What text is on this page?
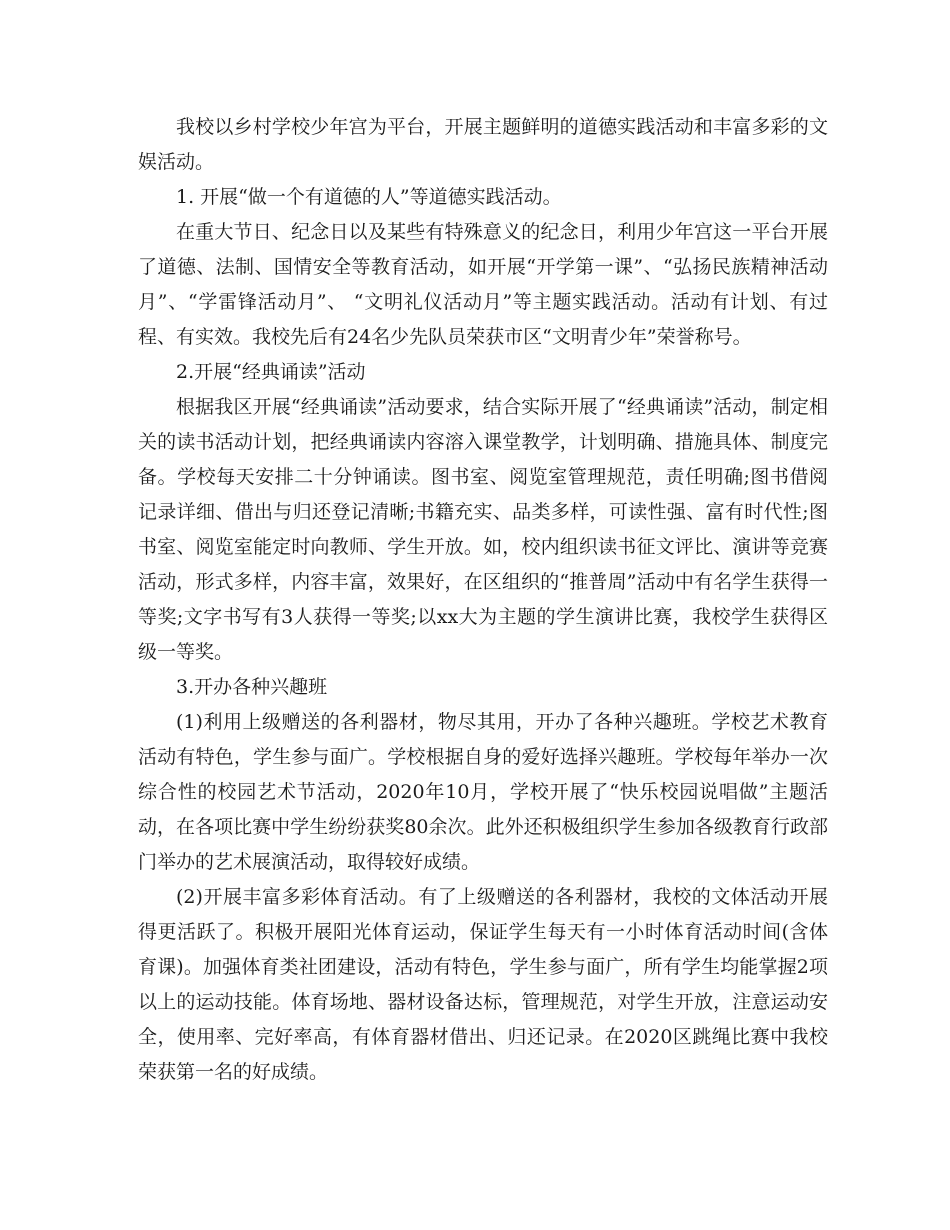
我校以乡村学校少年宫为平台，开展主题鲜明的道德实践活动和丰富多彩的文娱活动。

1. 开展“做一个有道德的人”等道德实践活动。

在重大节日、纪念日以及某些有特殊意义的纪念日，利用少年宫这一平台开展了道德、法制、国情安全等教育活动，如开展“开学第一课”、“弘扬民族精神活动月”、“学雷锋活动月”、 “文明礼仪活动月”等主题实践活动。活动有计划、有过程、有实效。我校先后有24名少先队员荣获市区“文明青少年”荣誉称号。

2.开展“经典诵读”活动

根据我区开展“经典诵读”活动要求，结合实际开展了“经典诵读”活动，制定相关的读书活动计划，把经典诵读内容溶入课堂教学，计划明确、措施具体、制度完备。学校每天安排二十分钟诵读。图书室、阅览室管理规范，责任明确;图书借阅记录详细、借出与归还登记清晰;书籍充实、品类多样，可读性强、富有时代性;图书室、阅览室能定时向教师、学生开放。如，校内组织读书征文评比、演讲等竞赛活动，形式多样，内容丰富，效果好，在区组织的“推普周”活动中有名学生获得一等奖;文字书写有3人获得一等奖;以xx大为主题的学生演讲比赛，我校学生获得区级一等奖。

3.开办各种兴趣班

(1)利用上级赠送的各利器材，物尽其用，开办了各种兴趣班。学校艺术教育活动有特色，学生参与面广。学校根据自身的爱好选择兴趣班。学校每年举办一次综合性的校园艺术节活动，2020年10月，学校开展了“快乐校园说唱做”主题活动，在各项比赛中学生纷纷获奖80余次。此外还积极组织学生参加各级教育行政部门举办的艺术展演活动，取得较好成绩。

(2)开展丰富多彩体育活动。有了上级赠送的各利器材，我校的文体活动开展得更活跃了。积极开展阳光体育运动，保证学生每天有一小时体育活动时间(含体育课)。加强体育类社团建设，活动有特色，学生参与面广，所有学生均能掌握2项以上的运动技能。体育场地、器材设备达标，管理规范，对学生开放，注意运动安全，使用率、完好率高，有体育器材借出、归还记录。在2020区跳绳比赛中我校荣获第一名的好成绩。
